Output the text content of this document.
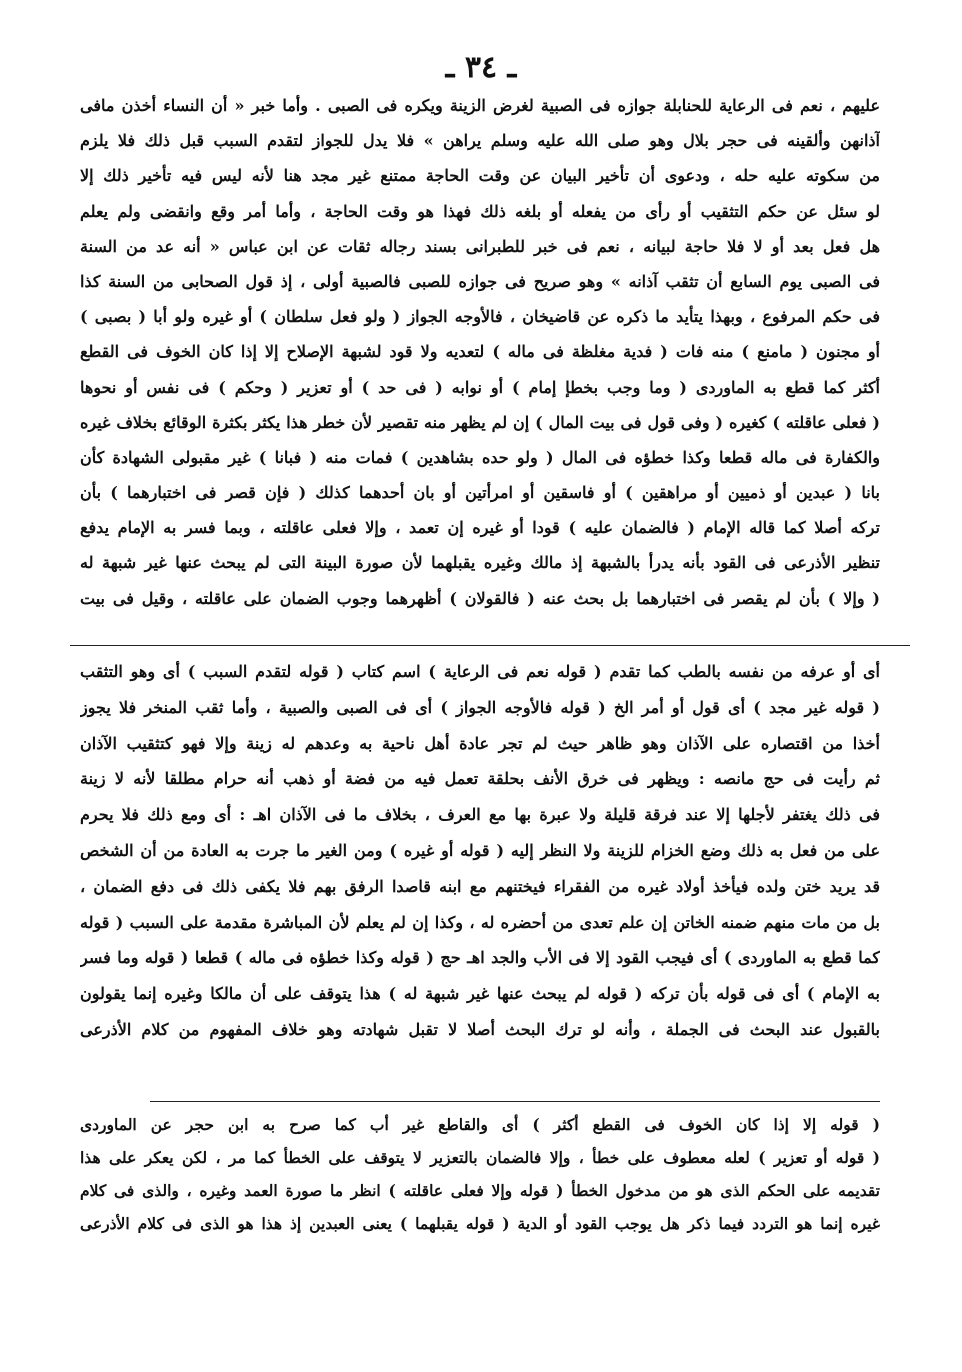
ـ ٣٤ ـ
عليهم ، نعم فى الرعاية للحنابلة جوازه فى الصبية لغرض الزينة ويكره فى الصبى . وأما خبر « أن النساء أخذن مافى
آذانهن وألقينه فى حجر بلال وهو صلى الله عليه وسلم يراهن » فلا يدل للجواز لتقدم السبب قبل ذلك فلا يلزم
من سكوته عليه حله ، ودعوى أن تأخير البيان عن وقت الحاجة ممتنع غير مجد هنا لأنه ليس فيه تأخير ذلك إلا
لو سئل عن حكم التثقيب أو رأى من يفعله أو بلغه ذلك فهذا هو وقت الحاجة ، وأما أمر وقع وانقضى ولم يعلم
هل فعل بعد أو لا فلا حاجة لبيانه ، نعم فى خبر للطبرانى بسند رجاله ثقات عن ابن عباس « أنه عد من السنة
فى الصبى يوم السابع أن تثقب آذانه » وهو صريح فى جوازه للصبى فالصبية أولى ، إذ قول الصحابى من السنة كذا
فى حكم المرفوع ، وبهذا يتأيد ما ذكره عن قاضيخان ، فالأوجه الجواز ( ولو فعل سلطان ) أو غيره ولو أبا ( بصبى )
أو مجنون ( مامنع ) منه فات ( فدية مغلظة فى ماله ) لتعديه ولا قود لشبهة الإصلاح إلا إذا كان الخوف فى القطع
أكثر كما قطع به الماوردى ( وما وجب بخطإ إمام ) أو نوابه ( فى حد ) أو تعزير ( وحكم ) فى نفس أو نحوها
( فعلى عاقلته ) كغيره ( وفى قول فى بيت المال ) إن لم يظهر منه تقصير لأن خطر هذا يكثر بكثرة الوقائع بخلاف غيره
والكفارة فى ماله قطعا وكذا خطؤه فى المال ( ولو حده بشاهدين ) فمات منه ( فبانا ) غير مقبولى الشهادة كأن
بانا ( عبدين أو ذميين أو مراهقين ) أو فاسقين أو امرأتين أو بان أحدهما كذلك ( فإن قصر فى اختبارهما ) بأن
تركه أصلا كما قاله الإمام ( فالضمان عليه ) قودا أو غيره إن تعمد ، وإلا فعلى عاقلته ، وبما فسر به الإمام يدفع
تنظير الأذرعى فى القود بأنه يدرأ بالشبهة إذ مالك وغيره يقبلهما لأن صورة البينة التى لم يبحث عنها غير شبهة له
( وإلا ) بأن لم يقصر فى اختبارهما بل بحث عنه ( فالقولان ) أظهرهما وجوب الضمان على عاقلته ، وقيل فى بيت
أى أو عرفه من نفسه بالطب كما تقدم ( قوله نعم فى الرعاية ) اسم كتاب ( قوله لتقدم السبب ) أى وهو التثقب
( قوله غير مجد ) أى قول أو أمر الخ ( قوله فالأوجه الجواز ) أى فى الصبى والصبية ، وأما ثقب المنخر فلا يجوز
أخذا من اقتصاره على الآذان وهو ظاهر حيث لم تجر عادة أهل ناحية به وعدهم له زينة وإلا فهو كتثقيب الآذان
ثم رأيت فى حج مانصه : ويظهر فى خرق الأنف بحلقة تعمل فيه من فضة أو ذهب أنه حرام مطلقا لأنه لا زينة
فى ذلك يغتفر لأجلها إلا عند فرقة قليلة ولا عبرة بها مع العرف ، بخلاف ما فى الآذان اهـ : أى ومع ذلك فلا يحرم
على من فعل به ذلك وضع الخزام للزينة ولا النظر إليه ( قوله أو غيره ) ومن الغير ما جرت به العادة من أن الشخص
قد يريد ختن ولده فيأخذ أولاد غيره من الفقراء فيختنهم مع ابنه قاصدا الرفق بهم فلا يكفى ذلك فى دفع الضمان ،
بل من مات منهم ضمنه الخاتن إن علم تعدى من أحضره له ، وكذا إن لم يعلم لأن المباشرة مقدمة على السبب ( قوله
كما قطع به الماوردى ) أى فيجب القود إلا فى الأب والجد اهـ حج ( قوله وكذا خطؤه فى ماله ) قطعا ( قوله وما فسر
به الإمام ) أى فى قوله بأن تركه ( قوله لم يبحث عنها غير شبهة له ) هذا يتوقف على أن مالكا وغيره إنما يقولون
بالقبول عند البحث فى الجملة ، وأنه لو ترك البحث أصلا لا تقبل شهادته وهو خلاف المفهوم من كلام الأذرعى
( قوله إلا إذا كان الخوف فى القطع أكثر ) أى والقاطع غير أب كما صرح به ابن حجر عن الماوردى
( قوله أو تعزير ) لعله معطوف على خطأ ، وإلا فالضمان بالتعزير لا يتوقف على الخطأ كما مر ، لكن يعكر على هذا
تقديمه على الحكم الذى هو من مدخول الخطأ ( قوله وإلا فعلى عاقلته ) انظر ما صورة العمد وغيره ، والذى فى كلام
غيره إنما هو التردد فيما ذكر هل يوجب القود أو الدية ( قوله يقبلهما ) يعنى العبدين إذ هذا هو الذى فى كلام الأذرعى
